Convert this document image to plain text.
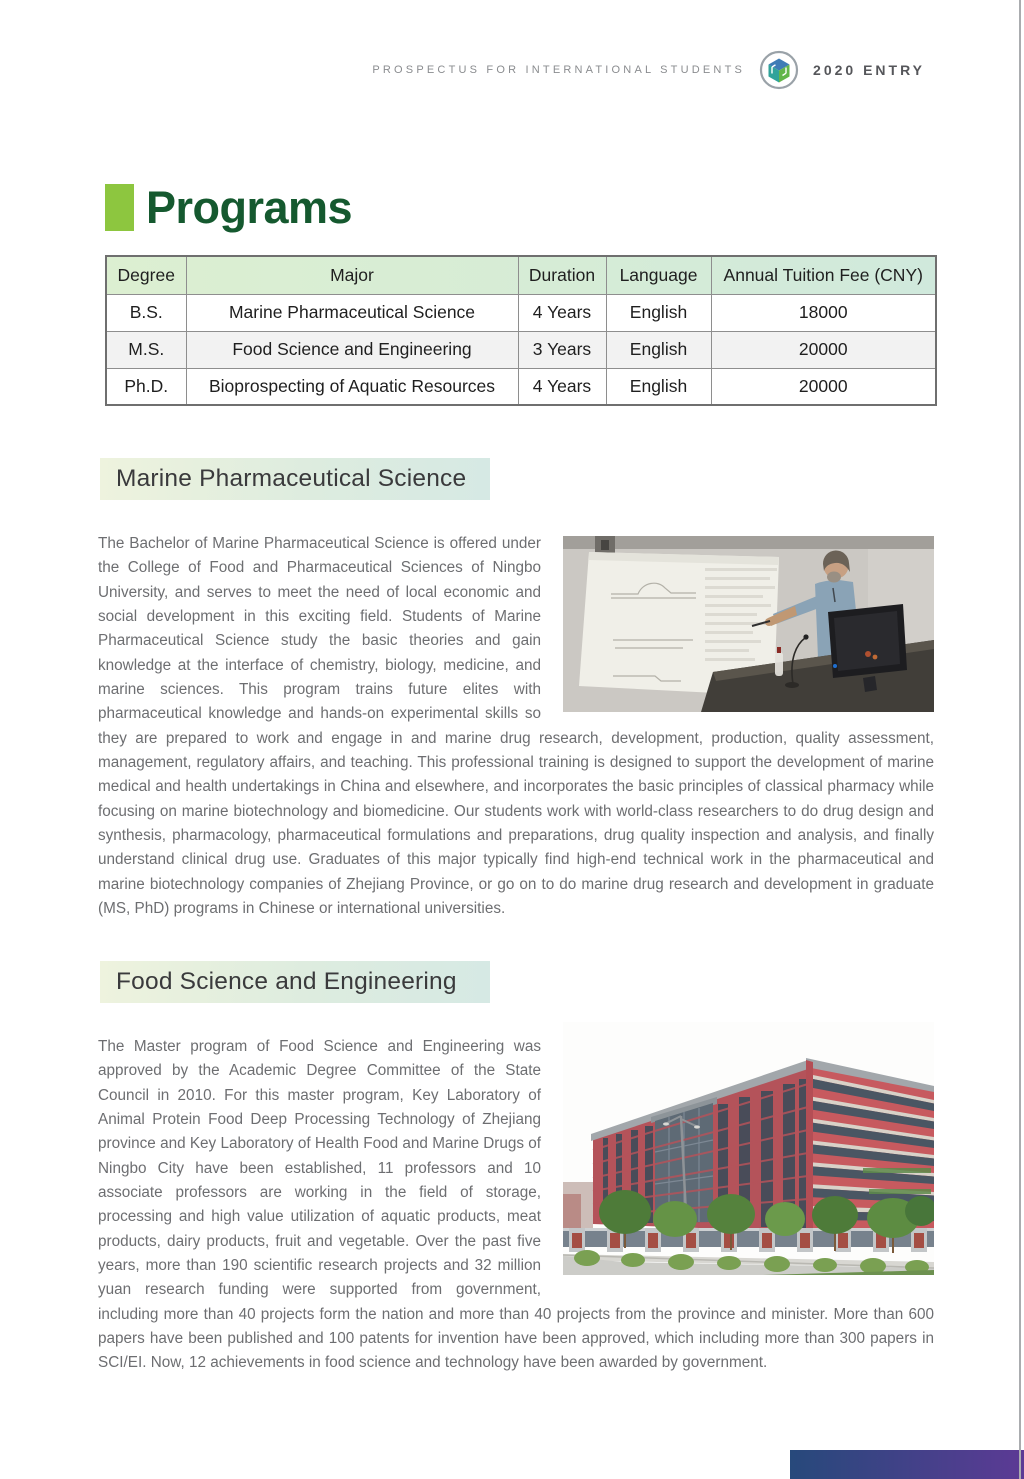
PROSPECTUS FOR INTERNATIONAL STUDENTS	2020 ENTRY
Programs
Degree	Major	Duration	Language	Annual Tuition Fee (CNY)
B.S.	Marine Pharmaceutical Science	4 Years	English	18000
M.S.	Food Science and Engineering	3 Years	English	20000
Ph.D.	Bioprospecting of Aquatic Resources	4 Years	English	20000
Marine Pharmaceutical Science

The Bachelor of Marine Pharmaceutical Science is offered under the College of Food and Pharmaceutical Sciences of Ningbo University, and serves to meet the need of local economic and social development in this exciting field. Students of Marine Pharmaceutical Science study the basic theories and gain knowledge at the interface of chemistry, biology, medicine, and marine sciences. This program trains future elites with pharmaceutical knowledge and hands-on experimental skills so they are prepared to work and engage in and marine drug research, development, production, quality assessment, management, regulatory affairs, and teaching. This professional training is designed to support the development of marine medical and health undertakings in China and elsewhere, and incorporates the basic principles of classical pharmacy while focusing on marine biotechnology and biomedicine. Our students work with world-class researchers to do drug design and synthesis, pharmacology, pharmaceutical formulations and preparations, drug quality inspection and analysis, and finally understand clinical drug use. Graduates of this major typically find high-end technical work in the pharmaceutical and marine biotechnology companies of Zhejiang Province, or go on to do marine drug research and development in graduate (MS, PhD) programs in Chinese or international universities.

Food Science and Engineering

The Master program of Food Science and Engineering was approved by the Academic Degree Committee of the State Council in 2010. For this master program, Key Laboratory of Animal Protein Food Deep Processing Technology of Zhejiang province and Key Laboratory of Health Food and Marine Drugs of Ningbo City have been established, 11 professors and 10 associate professors are working in the field of storage, processing and high value utilization of aquatic products, meat products, dairy products, fruit and vegetable. Over the past five years, more than 190 scientific research projects and 32 million yuan research funding were supported from government, including more than 40 projects form the nation and more than 40 projects from the province and minister. More than 600 papers have been published and 100 patents for invention have been approved, which including more than 300 papers in SCI/EI. Now, 12 achievements in food science and technology have been awarded by government.
